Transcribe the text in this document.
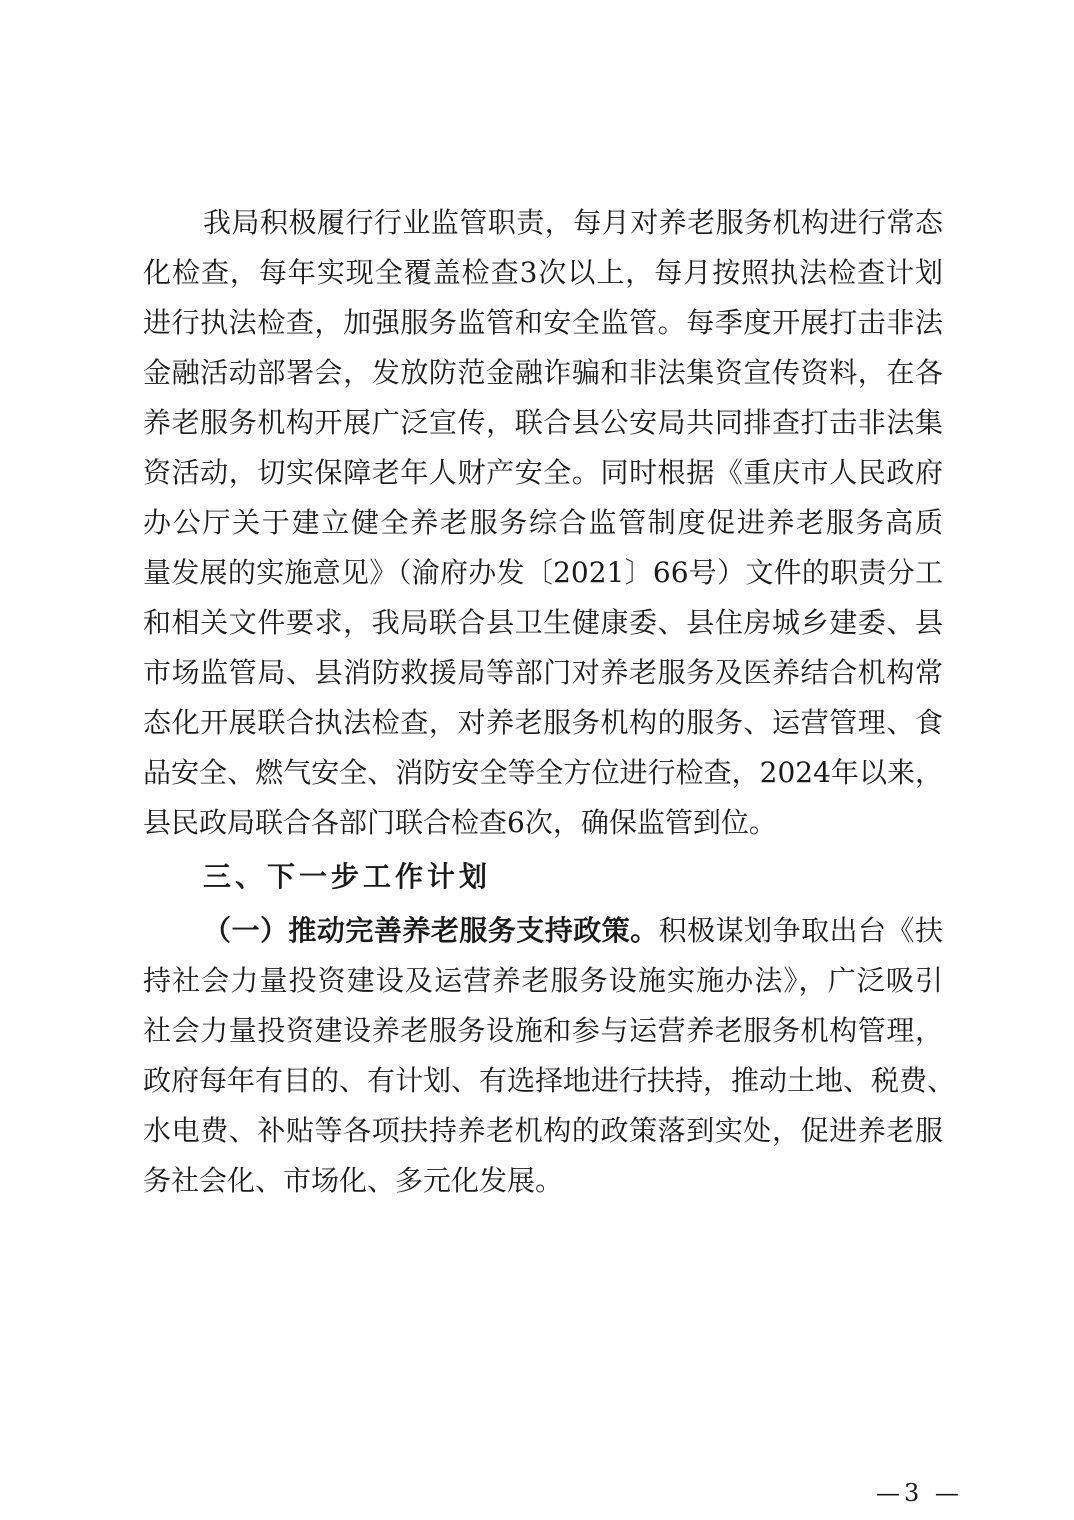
我局积极履行行业监管职责，每月对养老服务机构进行常态
化检查，每年实现全覆盖检查3次以上，每月按照执法检查计划
进行执法检查，加强服务监管和安全监管。每季度开展打击非法
金融活动部署会，发放防范金融诈骗和非法集资宣传资料，在各
养老服务机构开展广泛宣传，联合县公安局共同排查打击非法集
资活动，切实保障老年人财产安全。同时根据《重庆市人民政府
办公厅关于建立健全养老服务综合监管制度促进养老服务高质
量发展的实施意见》（渝府办发〔2021〕66号）文件的职责分工
和相关文件要求，我局联合县卫生健康委、县住房城乡建委、县
市场监管局、县消防救援局等部门对养老服务及医养结合机构常
态化开展联合执法检查，对养老服务机构的服务、运营管理、食
品安全、燃气安全、消防安全等全方位进行检查，2024年以来，
县民政局联合各部门联合检查6次，确保监管到位。
三、下一步工作计划
（一）推动完善养老服务支持政策。积极谋划争取出台《扶
持社会力量投资建设及运营养老服务设施实施办法》，广泛吸引
社会力量投资建设养老服务设施和参与运营养老服务机构管理，
政府每年有目的、有计划、有选择地进行扶持，推动土地、税费、
水电费、补贴等各项扶持养老机构的政策落到实处，促进养老服
务社会化、市场化、多元化发展。
—3 —
